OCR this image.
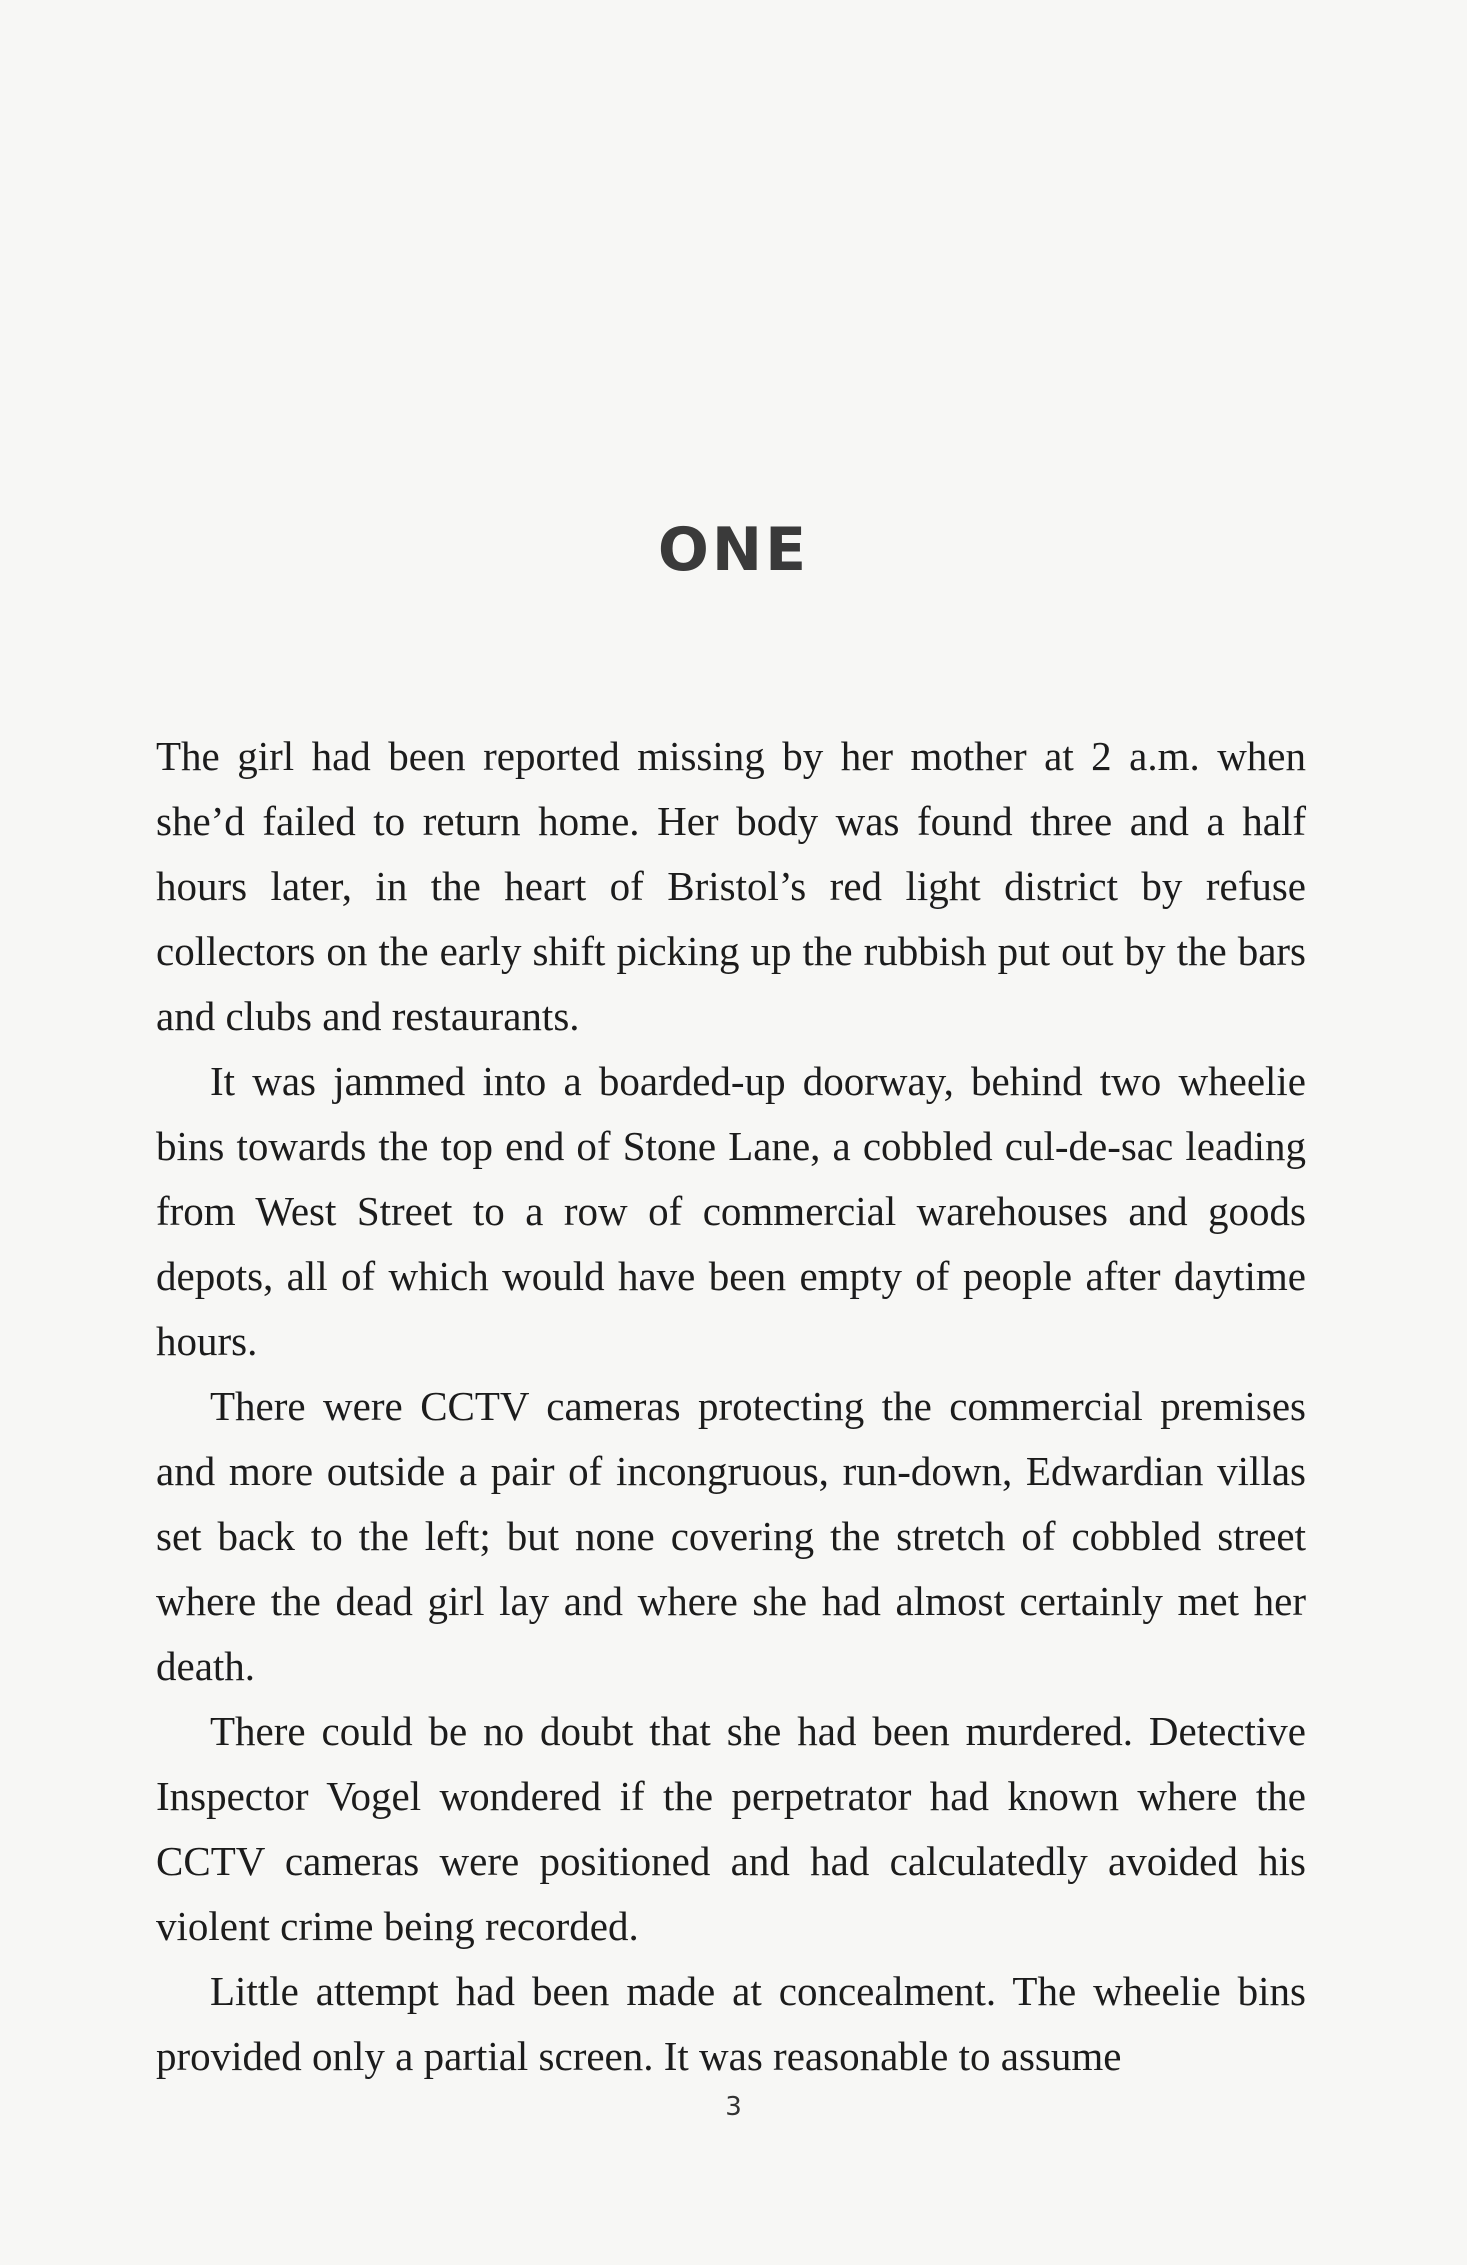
ONE

The girl had been reported missing by her mother at 2 a.m. when she’d failed to return home. Her body was found three and a half hours later, in the heart of Bristol’s red light district by refuse collectors on the early shift picking up the rubbish put out by the bars and clubs and restaurants.

It was jammed into a boarded-up doorway, behind two wheelie bins towards the top end of Stone Lane, a cobbled cul-de-sac leading from West Street to a row of commercial warehouses and goods depots, all of which would have been empty of people after daytime hours.

There were CCTV cameras protecting the commercial premises and more outside a pair of incongruous, run-down, Edwardian villas set back to the left; but none covering the stretch of cobbled street where the dead girl lay and where she had almost certainly met her death.

There could be no doubt that she had been murdered. Detective Inspector Vogel wondered if the perpetrator had known where the CCTV cameras were positioned and had calculatedly avoided his violent crime being recorded.

Little attempt had been made at concealment. The wheelie bins provided only a partial screen. It was reasonable to assume

3
